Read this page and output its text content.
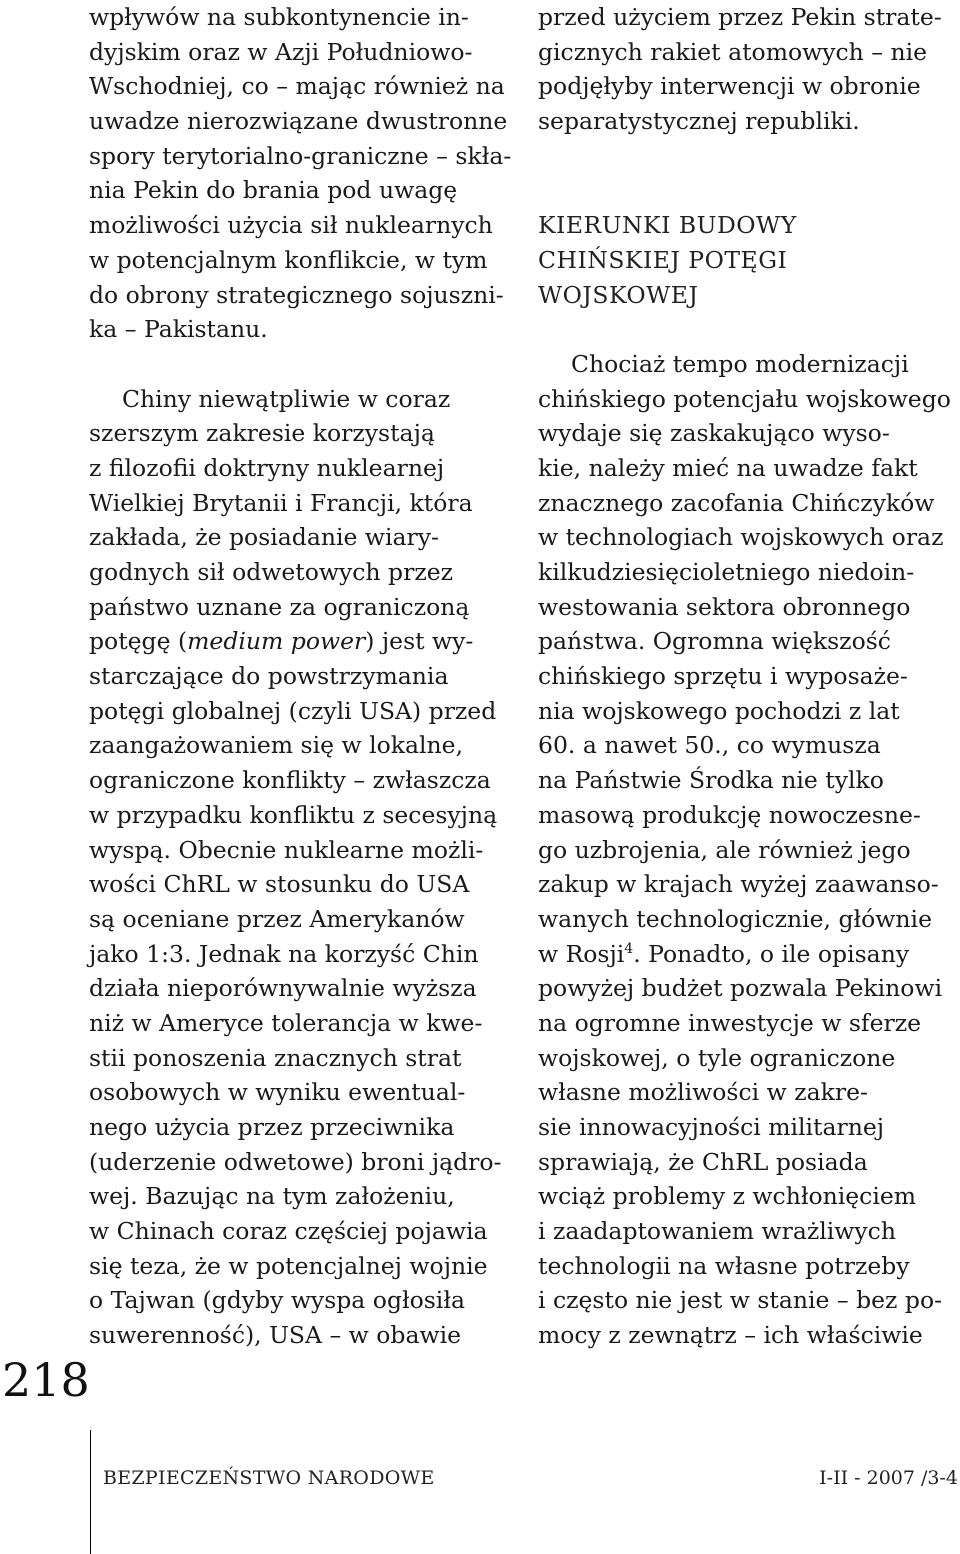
wpływów na subkontynencie in-
dyjskim oraz w Azji Południowo-
Wschodniej, co – mając również na
uwadze nierozwiązane dwustronne
spory terytorialno-graniczne – skła-
nia Pekin do brania pod uwagę
możliwości użycia sił nuklearnych
w potencjalnym konflikcie, w tym
do obrony strategicznego sojuszni-
ka – Pakistanu.
Chiny niewątpliwie w coraz
szerszym zakresie korzystają
z filozofii doktryny nuklearnej
Wielkiej Brytanii i Francji, która
zakłada, że posiadanie wiary-
godnych sił odwetowych przez
państwo uznane za ograniczoną
potęgę (medium power) jest wy-
starczające do powstrzymania
potęgi globalnej (czyli USA) przed
zaangażowaniem się w lokalne,
ograniczone konflikty – zwłaszcza
w przypadku konfliktu z secesyjną
wyspą. Obecnie nuklearne możli-
wości ChRL w stosunku do USA
są oceniane przez Amerykanów
jako 1:3. Jednak na korzyść Chin
działa nieporównywalnie wyższa
niż w Ameryce tolerancja w kwe-
stii ponoszenia znacznych strat
osobowych w wyniku ewentual-
nego użycia przez przeciwnika
(uderzenie odwetowe) broni jądro-
wej. Bazując na tym założeniu,
w Chinach coraz częściej pojawia
się teza, że w potencjalnej wojnie
o Tajwan (gdyby wyspa ogłosiła
suwerenność), USA – w obawie
przed użyciem przez Pekin strate-
gicznych rakiet atomowych – nie
podjęłyby interwencji w obronie
separatystycznej republiki.
KIERUNKI BUDOWY
CHIŃSKIEJ POTĘGI
WOJSKOWEJ
Chociaż tempo modernizacji
chińskiego potencjału wojskowego
wydaje się zaskakująco wyso-
kie, należy mieć na uwadze fakt
znacznego zacofania Chińczyków
w technologiach wojskowych oraz
kilkudziesięcioletniego niedoin-
westowania sektora obronnego
państwa. Ogromna większość
chińskiego sprzętu i wyposaże-
nia wojskowego pochodzi z lat
60. a nawet 50., co wymusza
na Państwie Środka nie tylko
masową produkcję nowoczesne-
go uzbrojenia, ale również jego
zakup w krajach wyżej zaawanso-
wanych technologicznie, głównie
w Rosji$^4$. Ponadto, o ile opisany
powyżej budżet pozwala Pekinowi
na ogromne inwestycje w sferze
wojskowej, o tyle ograniczone
własne możliwości w zakre-
sie innowacyjności militarnej
sprawiają, że ChRL posiada
wciąż problemy z wchłonięciem
i zaadaptowaniem wrażliwych
technologii na własne potrzeby
i często nie jest w stanie – bez po-
mocy z zewnątrz – ich właściwie
218
BEZPIECZEŃSTWO NARODOWE	I-II - 2007 /3-4
